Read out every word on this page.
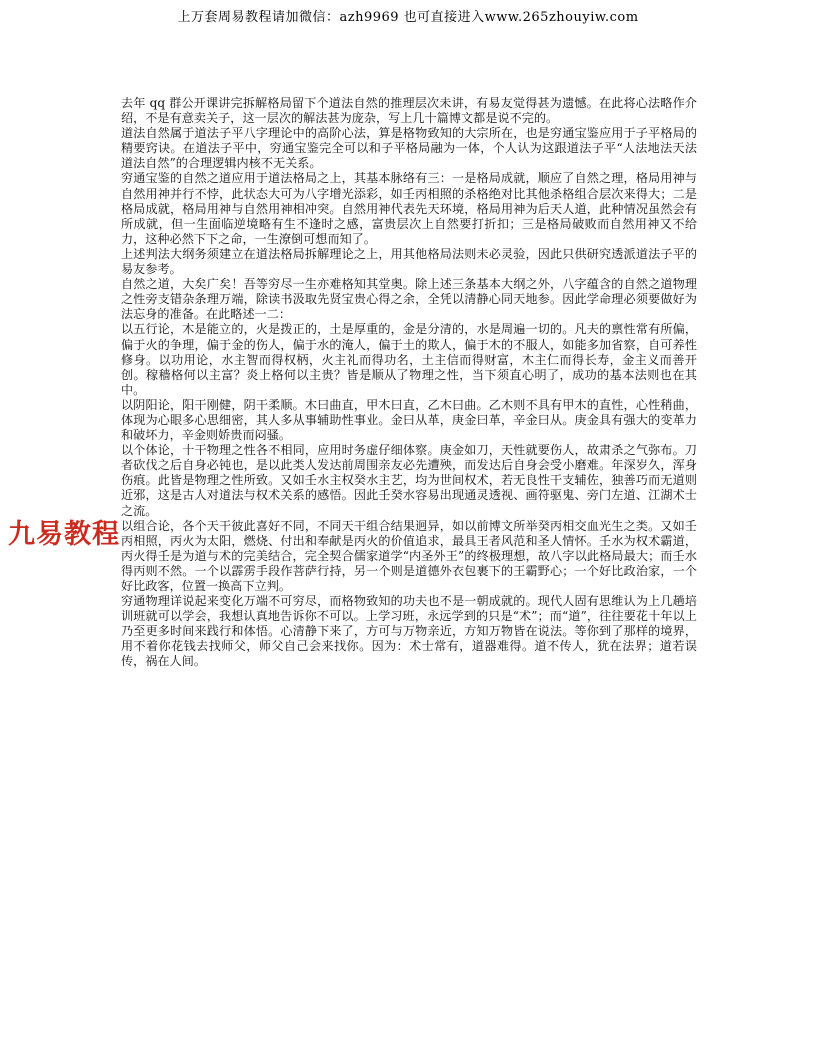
上万套周易教程请加微信：azh9969 也可直接进入www.265zhouyiw.com

去年 qq 群公开课讲完拆解格局留下个道法自然的推理层次未讲，有易友觉得甚为遗憾。在此将心法略作介绍，不是有意卖关子，这一层次的解法甚为庞杂，写上几十篇博文都是说不完的。

道法自然属于道法子平八字理论中的高阶心法，算是格物致知的大宗所在，也是穷通宝鉴应用于子平格局的精要窍诀。在道法子平中，穷通宝鉴完全可以和子平格局融为一体，个人认为这跟道法子平“人法地法天法道法自然”的合理逻辑内核不无关系。

穷通宝鉴的自然之道应用于道法格局之上，其基本脉络有三：一是格局成就，顺应了自然之理，格局用神与自然用神并行不悖，此状态大可为八字增光添彩，如壬丙相照的杀格绝对比其他杀格组合层次来得大；二是格局成就，格局用神与自然用神相冲突。自然用神代表先天环境，格局用神为后天人道，此种情况虽然会有所成就，但一生面临逆境略有生不逢时之感，富贵层次上自然要打折扣；三是格局破败而自然用神又不给力，这种必然下下之命，一生潦倒可想而知了。

上述判法大纲务须建立在道法格局拆解理论之上，用其他格局法则未必灵验，因此只供研究透派道法子平的易友参考。

自然之道，大矣广矣！吾等穷尽一生亦难格知其堂奥。除上述三条基本大纲之外，八字蕴含的自然之道物理之性旁支错杂条理万端，除读书汲取先贤宝贵心得之余，全凭以清静心同天地参。因此学命理必须要做好为法忘身的准备。在此略述一二：

以五行论，木是能立的，火是拨正的，土是厚重的，金是分清的，水是周遍一切的。凡夫的禀性常有所偏，偏于火的争理，偏于金的伤人，偏于水的淹人，偏于土的欺人，偏于木的不服人，如能多加省察，自可养性修身。以功用论，水主智而得权柄，火主礼而得功名，土主信而得财富，木主仁而得长寿，金主义而善开创。稼穑格何以主富？炎上格何以主贵？皆是顺从了物理之性，当下须直心明了，成功的基本法则也在其中。

以阴阳论，阳干刚健，阴干柔顺。木曰曲直，甲木曰直，乙木曰曲。乙木则不具有甲木的直性，心性稍曲，体现为心眼多心思细密，其人多从事辅助性事业。金曰从革，庚金曰革，辛金曰从。庚金具有强大的变革力和破坏力，辛金则娇贵而闷骚。

以个体论，十干物理之性各不相同，应用时务虚仔细体察。庚金如刀，天性就要伤人，故肃杀之气弥布。刀者砍伐之后自身必钝也，是以此类人发达前周围亲友必先遭殃，而发达后自身会受小磨难。年深岁久，浑身伤痕。此皆是物理之性所致。又如壬水主权癸水主艺，均为世间权术，若无良性干支辅佐，独善巧而无道则近邪，这是古人对道法与权术关系的感悟。因此壬癸水容易出现通灵透视、画符驱鬼、旁门左道、江湖术士之流。

以组合论，各个天干彼此喜好不同，不同天干组合结果迥异，如以前博文所举癸丙相交血光生之类。又如壬丙相照，丙火为太阳，燃烧、付出和奉献是丙火的价值追求，最具王者风范和圣人情怀。壬水为权术霸道，丙火得壬是为道与术的完美结合，完全契合儒家道学“内圣外王”的终极理想，故八字以此格局最大；而壬水得丙则不然。一个以霹雳手段作菩萨行持，另一个则是道德外衣包裹下的王霸野心；一个好比政治家，一个好比政客，位置一换高下立判。

穷通物理详说起来变化万端不可穷尽，而格物致知的功夫也不是一朝成就的。现代人固有思维认为上几趟培训班就可以学会，我想认真地告诉你不可以。上学习班，永远学到的只是“术”；而“道”，往往要花十年以上乃至更多时间来践行和体悟。心清静下来了，方可与万物亲近，方知万物皆在说法。等你到了那样的境界，用不着你花钱去找师父，师父自己会来找你。因为：术士常有，道器难得。道不传人，犹在法界；道若误传，祸在人间。

九易教程
